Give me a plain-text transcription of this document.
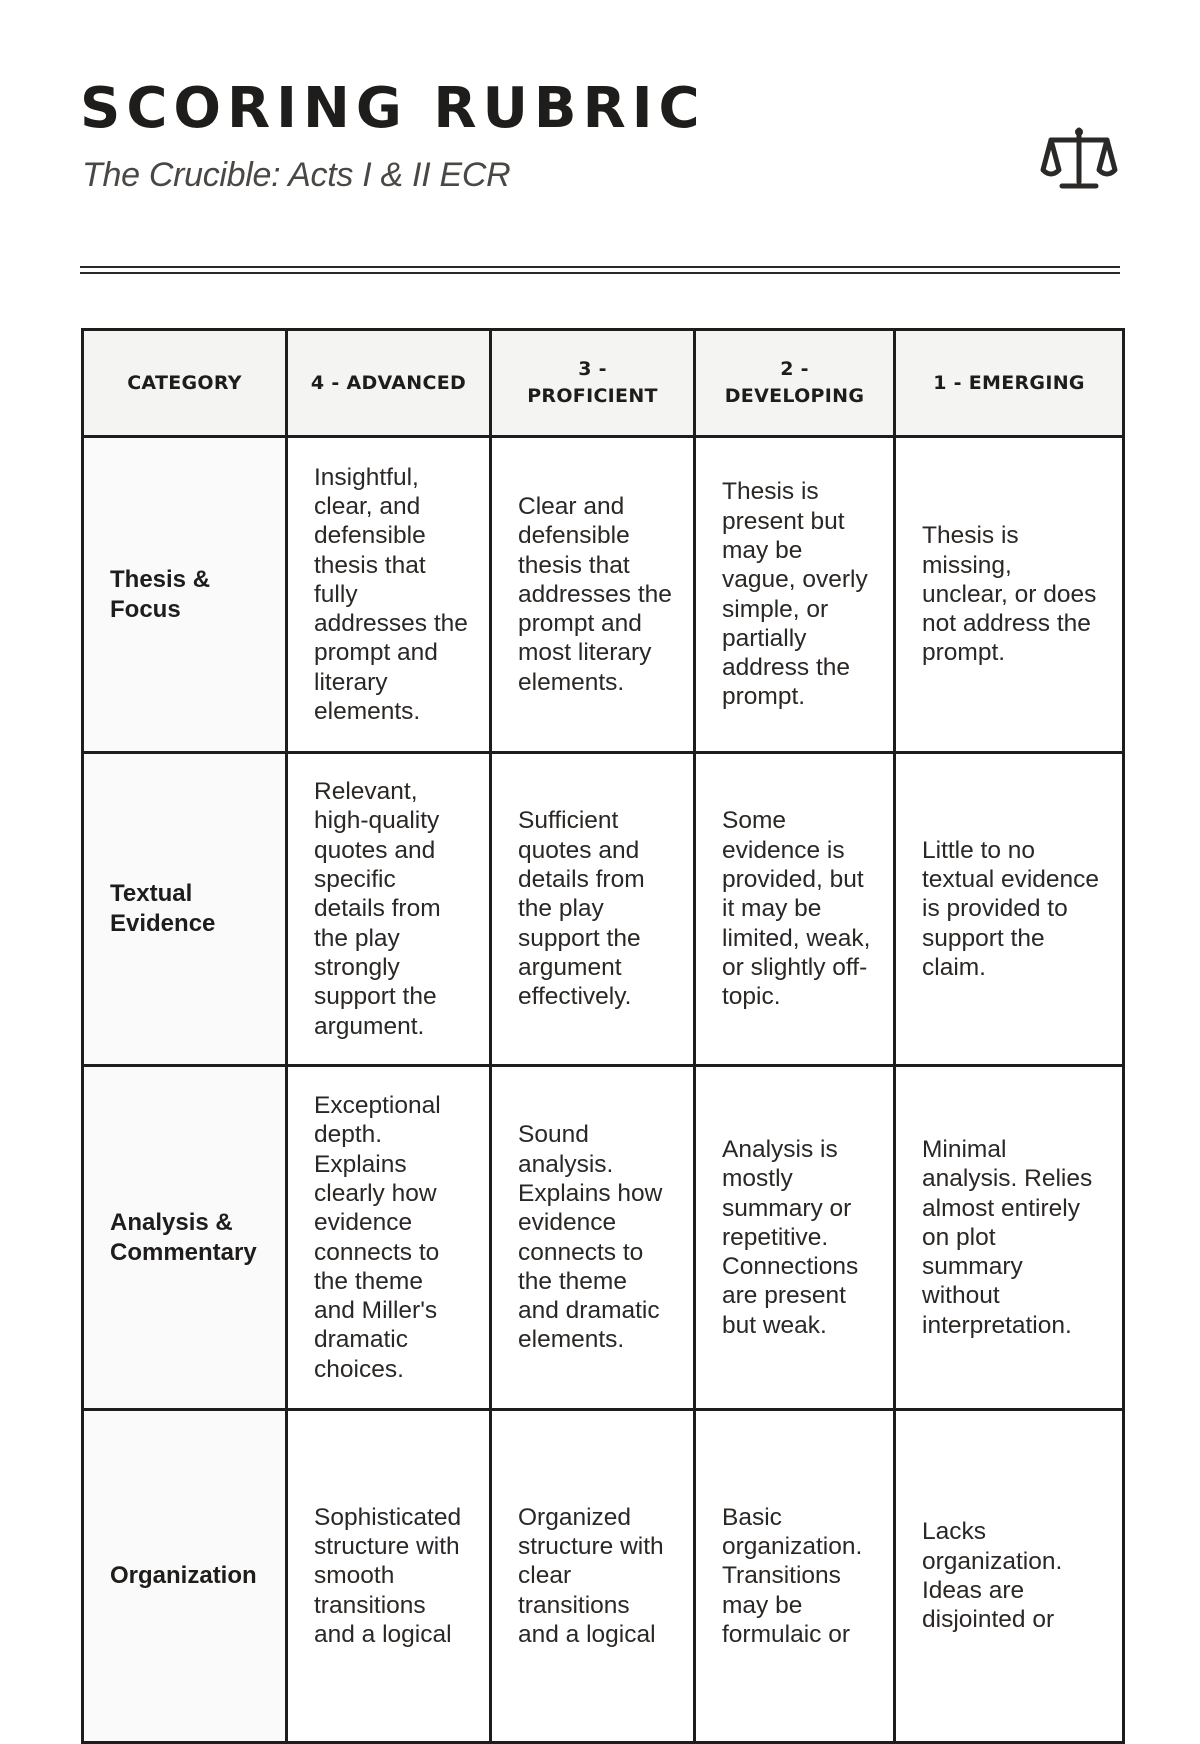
SCORING RUBRIC

The Crucible: Acts I & II ECR

CATEGORY	4 - ADVANCED	3 - PROFICIENT	2 - DEVELOPING	1 - EMERGING
Thesis & Focus	Insightful, clear, and defensible thesis that fully addresses the prompt and literary elements.	Clear and defensible thesis that addresses the prompt and most literary elements.	Thesis is present but may be vague, overly simple, or partially address the prompt.	Thesis is missing, unclear, or does not address the prompt.
Textual Evidence	Relevant, high-quality quotes and specific details from the play strongly support the argument.	Sufficient quotes and details from the play support the argument effectively.	Some evidence is provided, but it may be limited, weak, or slightly off-topic.	Little to no textual evidence is provided to support the claim.
Analysis & Commentary	Exceptional depth. Explains clearly how evidence connects to the theme and Miller's dramatic choices.	Sound analysis. Explains how evidence connects to the theme and dramatic elements.	Analysis is mostly summary or repetitive. Connections are present but weak.	Minimal analysis. Relies almost entirely on plot summary without interpretation.
Organization	Sophisticated structure with smooth transitions and a logical	Organized structure with clear transitions and a logical	Basic organization. Transitions may be formulaic or	Lacks organization. Ideas are disjointed or
